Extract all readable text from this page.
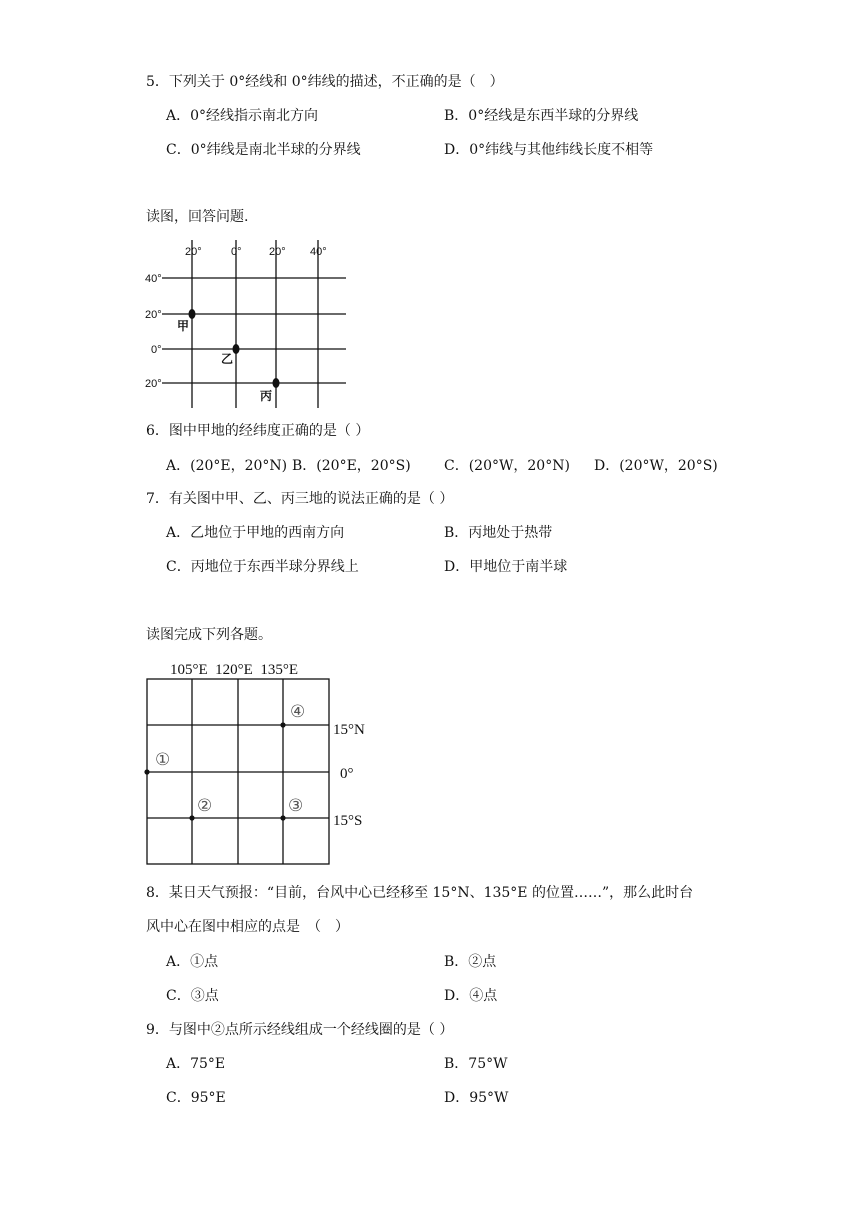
5．下列关于 0°经线和 0°纬线的描述，不正确的是（　）
A．0°经线指示南北方向	B．0°经线是东西半球的分界线
C．0°纬线是南北半球的分界线	D．0°纬线与其他纬线长度不相等
读图，回答问题.
20°	0° 20° 40°
40°
20°
0°
20°
甲
乙
丙
6．图中甲地的经纬度正确的是（ ）
A．(20°E，20°N) B．(20°E，20°S) C．(20°W，20°N) D．(20°W，20°S)
7．有关图中甲、乙、丙三地的说法正确的是（ ）
A．乙地位于甲地的西南方向	B．丙地处于热带
C．丙地位于东西半球分界线上	D．甲地位于南半球
读图完成下列各题。
105°E  120°E  135°E
15°N
0°
15°S
①
②	③
④
8．某日天气预报：“目前，台风中心已经移至 15°N、135°E 的位置……”，那么此时台
风中心在图中相应的点是　（　）
A．①点	B．②点
C．③点	D．④点
9．与图中②点所示经线组成一个经线圈的是（ ）
A．75°E	B．75°W
C．95°E	D．95°W
